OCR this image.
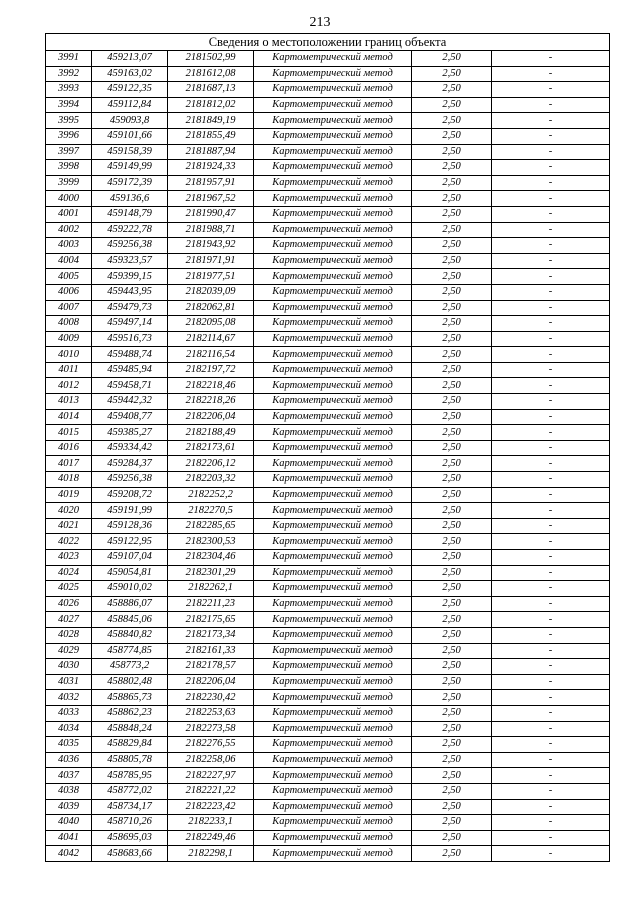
213
Сведения о местоположении границ объекта					
3991	459213,07	2181502,99	Картометрический метод	2,50	-
3992	459163,02	2181612,08	Картометрический метод	2,50	-
3993	459122,35	2181687,13	Картометрический метод	2,50	-
3994	459112,84	2181812,02	Картометрический метод	2,50	-
3995	459093,8	2181849,19	Картометрический метод	2,50	-
3996	459101,66	2181855,49	Картометрический метод	2,50	-
3997	459158,39	2181887,94	Картометрический метод	2,50	-
3998	459149,99	2181924,33	Картометрический метод	2,50	-
3999	459172,39	2181957,91	Картометрический метод	2,50	-
4000	459136,6	2181967,52	Картометрический метод	2,50	-
4001	459148,79	2181990,47	Картометрический метод	2,50	-
4002	459222,78	2181988,71	Картометрический метод	2,50	-
4003	459256,38	2181943,92	Картометрический метод	2,50	-
4004	459323,57	2181971,91	Картометрический метод	2,50	-
4005	459399,15	2181977,51	Картометрический метод	2,50	-
4006	459443,95	2182039,09	Картометрический метод	2,50	-
4007	459479,73	2182062,81	Картометрический метод	2,50	-
4008	459497,14	2182095,08	Картометрический метод	2,50	-
4009	459516,73	2182114,67	Картометрический метод	2,50	-
4010	459488,74	2182116,54	Картометрический метод	2,50	-
4011	459485,94	2182197,72	Картометрический метод	2,50	-
4012	459458,71	2182218,46	Картометрический метод	2,50	-
4013	459442,32	2182218,26	Картометрический метод	2,50	-
4014	459408,77	2182206,04	Картометрический метод	2,50	-
4015	459385,27	2182188,49	Картометрический метод	2,50	-
4016	459334,42	2182173,61	Картометрический метод	2,50	-
4017	459284,37	2182206,12	Картометрический метод	2,50	-
4018	459256,38	2182203,32	Картометрический метод	2,50	-
4019	459208,72	2182252,2	Картометрический метод	2,50	-
4020	459191,99	2182270,5	Картометрический метод	2,50	-
4021	459128,36	2182285,65	Картометрический метод	2,50	-
4022	459122,95	2182300,53	Картометрический метод	2,50	-
4023	459107,04	2182304,46	Картометрический метод	2,50	-
4024	459054,81	2182301,29	Картометрический метод	2,50	-
4025	459010,02	2182262,1	Картометрический метод	2,50	-
4026	458886,07	2182211,23	Картометрический метод	2,50	-
4027	458845,06	2182175,65	Картометрический метод	2,50	-
4028	458840,82	2182173,34	Картометрический метод	2,50	-
4029	458774,85	2182161,33	Картометрический метод	2,50	-
4030	458773,2	2182178,57	Картометрический метод	2,50	-
4031	458802,48	2182206,04	Картометрический метод	2,50	-
4032	458865,73	2182230,42	Картометрический метод	2,50	-
4033	458862,23	2182253,63	Картометрический метод	2,50	-
4034	458848,24	2182273,58	Картометрический метод	2,50	-
4035	458829,84	2182276,55	Картометрический метод	2,50	-
4036	458805,78	2182258,06	Картометрический метод	2,50	-
4037	458785,95	2182227,97	Картометрический метод	2,50	-
4038	458772,02	2182221,22	Картометрический метод	2,50	-
4039	458734,17	2182223,42	Картометрический метод	2,50	-
4040	458710,26	2182233,1	Картометрический метод	2,50	-
4041	458695,03	2182249,46	Картометрический метод	2,50	-
4042	458683,66	2182298,1	Картометрический метод	2,50	-
